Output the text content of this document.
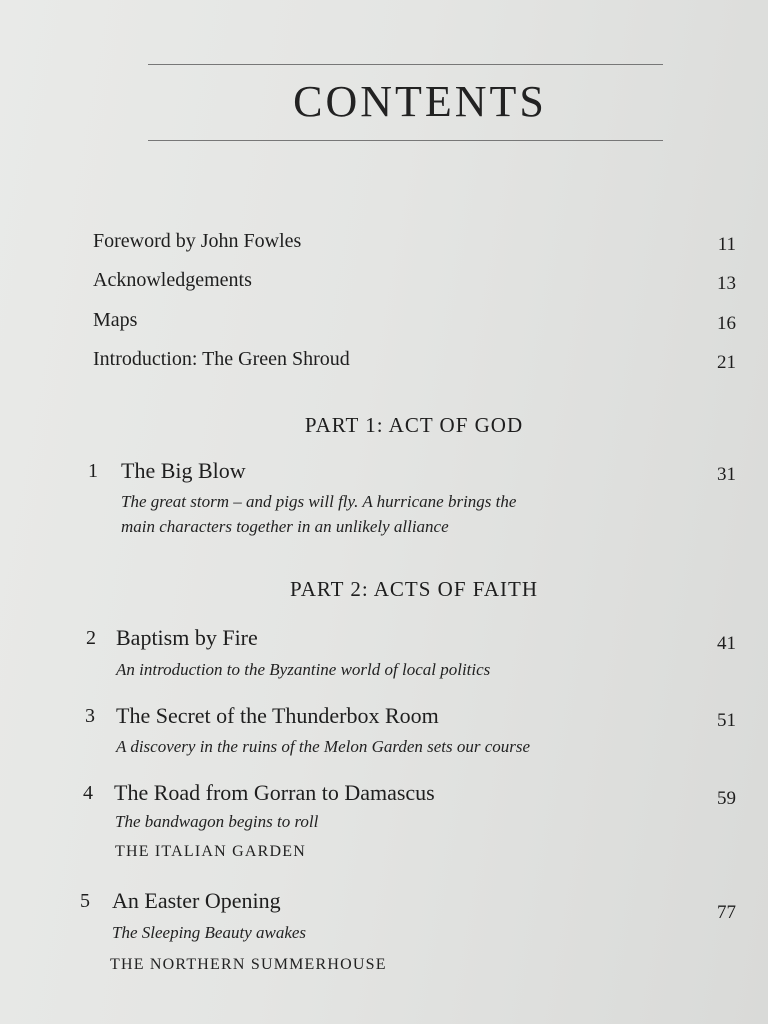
CONTENTS
Foreword by John Fowles	11
Acknowledgements	13
Maps	16
Introduction: The Green Shroud	21
PART 1: ACT OF GOD
1 The Big Blow	31
The great storm – and pigs will fly. A hurricane brings the
main characters together in an unlikely alliance
PART 2: ACTS OF FAITH
2 Baptism by Fire	41
An introduction to the Byzantine world of local politics
3 The Secret of the Thunderbox Room	51
A discovery in the ruins of the Melon Garden sets our course
4 The Road from Gorran to Damascus	59
The bandwagon begins to roll
THE ITALIAN GARDEN
5 An Easter Opening	77
The Sleeping Beauty awakes
THE NORTHERN SUMMERHOUSE
